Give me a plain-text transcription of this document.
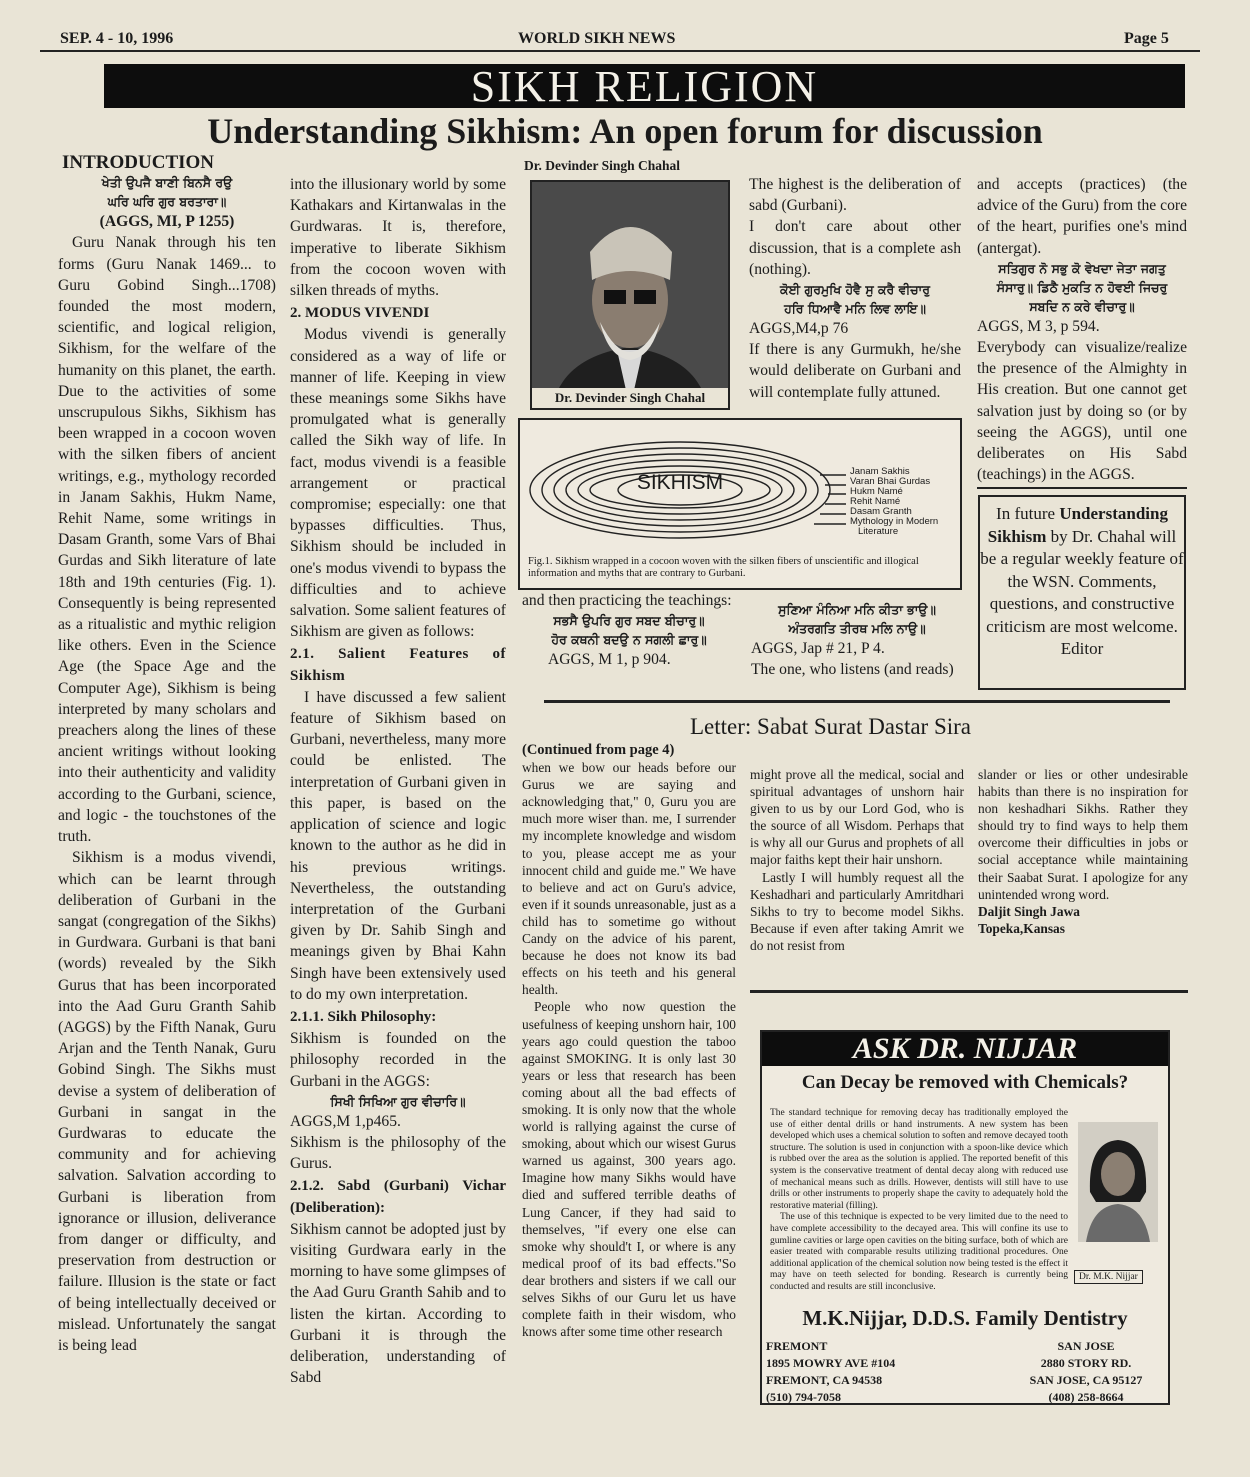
SEP. 4 - 10, 1996	WORLD SIKH NEWS	Page 5
SIKH RELIGION
Understanding Sikhism: An open forum for discussion
INTRODUCTION
ਖੇਤੀ ਉਪਜੈ ਬਾਣੀ ਬਿਨਸੈ ਰਉ
ਘਰਿ ਘਰਿ ਗੁਰ ਬਰਤਾਰਾ॥
(AGGS, MI, P 1255)

Guru Nanak through his ten forms (Guru Nanak 1469... to Guru Gobind Singh...1708) founded the most modern, scientific, and logical religion, Sikhism, for the welfare of the humanity on this planet, the earth. Due to the activities of some unscrupulous Sikhs, Sikhism has been wrapped in a cocoon woven with the silken fibers of ancient writings, e.g., mythology recorded in Janam Sakhis, Hukm Name, Rehit Name, some writings in Dasam Granth, some Vars of Bhai Gurdas and Sikh literature of late 18th and 19th centuries (Fig. 1). Consequently is being represented as a ritualistic and mythic religion like others. Even in the Science Age (the Space Age and the Computer Age), Sikhism is being interpreted by many scholars and preachers along the lines of these ancient writings without looking into their authenticity and validity according to the Gurbani, science, and logic - the touchstones of the truth.

Sikhism is a modus vivendi, which can be learnt through deliberation of Gurbani in the sangat (congregation of the Sikhs) in Gurdwara. Gurbani is that bani (words) revealed by the Sikh Gurus that has been incorporated into the Aad Guru Granth Sahib (AGGS) by the Fifth Nanak, Guru Arjan and the Tenth Nanak, Guru Gobind Singh. The Sikhs must devise a system of deliberation of Gurbani in sangat in the Gurdwaras to educate the community and for achieving salvation. Salvation according to Gurbani is liberation from ignorance or illusion, deliverance from danger or difficulty, and preservation from destruction or failure. Illusion is the state or fact of being intellectually deceived or mislead. Unfortunately the sangat is being lead

into the illusionary world by some Kathakars and Kirtanwalas in the Gurdwaras. It is, therefore, imperative to liberate Sikhism from the cocoon woven with silken threads of myths.

2. MODUS VIVENDI

Modus vivendi is generally considered as a way of life or manner of life. Keeping in view these meanings some Sikhs have promulgated what is generally called the Sikh way of life. In fact, modus vivendi is a feasible arrangement or practical compromise; especially: one that bypasses difficulties. Thus, Sikhism should be included in one's modus vivendi to bypass the difficulties and to achieve salvation. Some salient features of Sikhism are given as follows:

2.1. Salient Features of Sikhism

I have discussed a few salient feature of Sikhism based on Gurbani, nevertheless, many more could be enlisted. The interpretation of Gurbani given in this paper, is based on the application of science and logic known to the author as he did in his previous writings. Nevertheless, the outstanding interpretation of the Gurbani given by Dr. Sahib Singh and meanings given by Bhai Kahn Singh have been extensively used to do my own interpretation.

2.1.1. Sikh Philosophy:

Sikhism is founded on the philosophy recorded in the Gurbani in the AGGS:

ਸਿਖੀ ਸਿਖਿਆ ਗੁਰ ਵੀਚਾਰਿ॥
AGGS,M 1,p465.

Sikhism is the philosophy of the Gurus.

2.1.2. Sabd (Gurbani) Vichar (Deliberation):

Sikhism cannot be adopted just by visiting Gurdwara early in the morning to have some glimpses of the Aad Guru Granth Sahib and to listen the kirtan. According to Gurbani it is through the deliberation, understanding of Sabd

Dr. Devinder Singh Chahal
Dr. Devinder Singh Chahal

The highest is the deliberation of sabd (Gurbani).

I don't care about other discussion, that is a complete ash (nothing).

ਕੋਈ ਗੁਰਮੁਖਿ ਹੋਵੈ ਸੁ ਕਰੈ ਵੀਚਾਰੁ
ਹਰਿ ਧਿਆਵੈ ਮਨਿ ਲਿਵ ਲਾਇ॥
AGGS,M4,p 76

If there is any Gurmukh, he/she would deliberate on Gurbani and will contemplate fully attuned.

and accepts (practices) (the advice of the Guru) from the core of the heart, purifies one's mind (antergat).

ਸਤਿਗੁਰ ਨੋ ਸਭੁ ਕੋ ਵੇਖਦਾ ਜੇਤਾ ਜਗਤੁ
ਸੰਸਾਰੁ॥ ਡਿਠੈ ਮੁਕਤਿ ਨ ਹੋਵਈ ਜਿਚਰੁ
ਸਬਦਿ ਨ ਕਰੇ ਵੀਚਾਰੁ॥
AGGS, M 3, p 594.

Everybody can visualize/realize the presence of the Almighty in His creation. But one cannot get salvation just by doing so (or by seeing the AGGS), until one deliberates on His Sabd (teachings) in the AGGS.

SIKHISM	Janam Sakhis
Varan Bhai Gurdas
Hukm Namé
Rehit Namé
Dasam Granth
Mythology in Modern
Literature
Fig.1. Sikhism wrapped in a cocoon woven with the silken fibers of unscientific and illogical information and myths that are contrary to Gurbani.

and then practicing the teachings:

ਸਭਸੈ ਉਪਰਿ ਗੁਰ ਸਬਦ ਬੀਚਾਰੁ॥
ਹੋਰ ਕਥਨੀ ਬਦਉ ਨ ਸਗਲੀ ਛਾਰੁ॥
AGGS, M 1, p 904.
ਸੁਣਿਆ ਮੰਨਿਆ ਮਨਿ ਕੀਤਾ ਭਾਉ॥
ਅੰਤਰਗਤਿ ਤੀਰਥ ਮਲਿ ਨਾਉ॥
AGGS, Jap # 21, P 4.

The one, who listens (and reads)

In future Understanding Sikhism by Dr. Chahal will be a regular weekly feature of the WSN. Comments, questions, and constructive criticism are most welcome.
Editor
Letter: Sabat Surat Dastar Sira
(Continued from page 4)

when we bow our heads before our Gurus we are saying and acknowledging that," 0, Guru you are much more wiser than. me, I surrender my incomplete knowledge and wisdom to you, please accept me as your innocent child and guide me." We have to believe and act on Guru's advice, even if it sounds unreasonable, just as a child has to sometime go without Candy on the advice of his parent, because he does not know its bad effects on his teeth and his general health.

People who now question the usefulness of keeping unshorn hair, 100 years ago could question the taboo against SMOKING. It is only last 30 years or less that research has been coming about all the bad effects of smoking. It is only now that the whole world is rallying against the curse of smoking, about which our wisest Gurus warned us against, 300 years ago. Imagine how many Sikhs would have died and suffered terrible deaths of Lung Cancer, if they had said to themselves, "if every one else can smoke why should't I, or where is any medical proof of its bad effects."So dear brothers and sisters if we call our selves Sikhs of our Guru let us have complete faith in their wisdom, who knows after some time other research

might prove all the medical, social and spiritual advantages of unshorn hair given to us by our Lord God, who is the source of all Wisdom. Perhaps that is why all our Gurus and prophets of all major faiths kept their hair unshorn.

Lastly I will humbly request all the Keshadhari and particularly Amritdhari Sikhs to try to become model Sikhs. Because if even after taking Amrit we do not resist from

slander or lies or other undesirable habits than there is no inspiration for non keshadhari Sikhs. Rather they should try to find ways to help them overcome their difficulties in jobs or social acceptance while maintaining their Saabat Surat. I apologize for any unintended wrong word.

Daljit Singh Jawa
Topeka,Kansas
ASK DR. NIJJAR
Can Decay be removed with Chemicals?
The standard technique for removing decay has traditionally employed the use of either dental drills or hand instruments. A new system has been developed which uses a chemical solution to soften and remove decayed tooth structure. The solution is used in conjunction with a spoon-like device which is rubbed over the area as the solution is applied. The reported benefit of this system is the conservative treatment of dental decay along with reduced use of mechanical means such as drills. However, dentists will still have to use drills or other instruments to properly shape the cavity to adequately hold the restorative material (filling).
The use of this technique is expected to be very limited due to the need to have complete accessibility to the decayed area. This will confine its use to gumline cavities or large open cavities on the biting surface, both of which are easier treated with comparable results utilizing traditional procedures. One additional application of the chemical solution now being tested is the effect it may have on teeth selected for bonding. Research is currently being conducted and results are still inconclusive.
Dr. M.K. Nijjar
M.K.Nijjar, D.D.S. Family Dentistry
FREMONT
1895 MOWRY AVE #104
FREMONT, CA 94538
(510) 794-7058
SAN JOSE
2880 STORY RD.
SAN JOSE, CA 95127
(408) 258-8664
